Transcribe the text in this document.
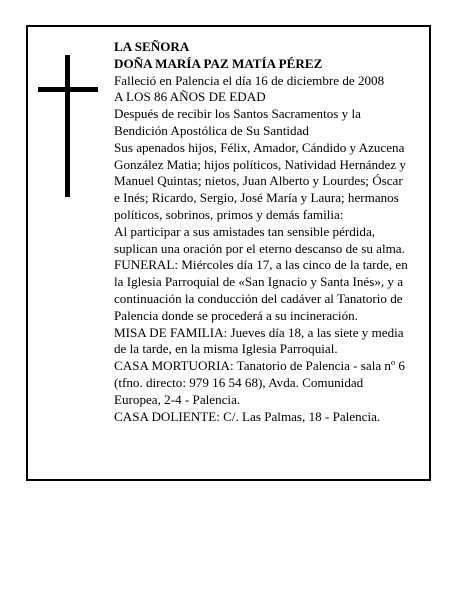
LA SEÑORA
DOÑA MARÍA PAZ MATÍA PÉREZ
Falleció en Palencia el día 16 de diciembre de 2008
A LOS 86 AÑOS DE EDAD
Después de recibir los Santos Sacramentos y la
Bendición Apostólica de Su Santidad
Sus apenados hijos, Félix, Amador, Cándido y Azucena
González Matia; hijos políticos, Natividad Hernández y
Manuel Quintas; nietos, Juan Alberto y Lourdes; Óscar
e Inés; Ricardo, Sergio, José María y Laura; hermanos
políticos, sobrinos, primos y demás familia:
Al participar a sus amistades tan sensible pérdida,
suplican una oración por el eterno descanso de su alma.
FUNERAL: Miércoles día 17, a las cinco de la tarde, en
la Iglesia Parroquial de «San Ignacio y Santa Inés», y a
continuación la conducción del cadáver al Tanatorio de
Palencia donde se procederá a su incineración.
MISA DE FAMILIA: Jueves día 18, a las siete y media
de la tarde, en la misma Iglesia Parroquial.
CASA MORTUORIA: Tanatorio de Palencia - sala nº 6
(tfno. directo: 979 16 54 68), Avda. Comunidad
Europea, 2-4 - Palencia.
CASA DOLIENTE: C/. Las Palmas, 18 - Palencia.
